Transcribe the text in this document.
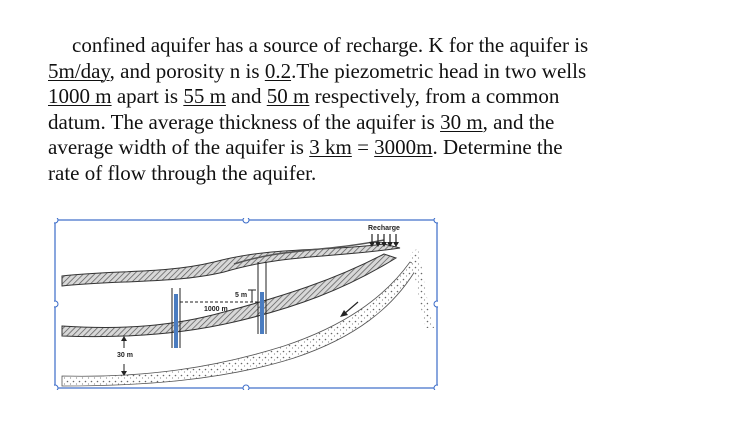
confined aquifer has a source of recharge. K for the aquifer is
5m/day, and porosity n is 0.2.The piezometric head in two wells
1000 m apart is 55 m and 50 m respectively, from a common
datum. The average thickness of the aquifer is 30 m, and the
average width of the aquifer is 3 km = 3000m. Determine the
rate of flow through the aquifer.
Recharge
5 m
1000 m
30 m
